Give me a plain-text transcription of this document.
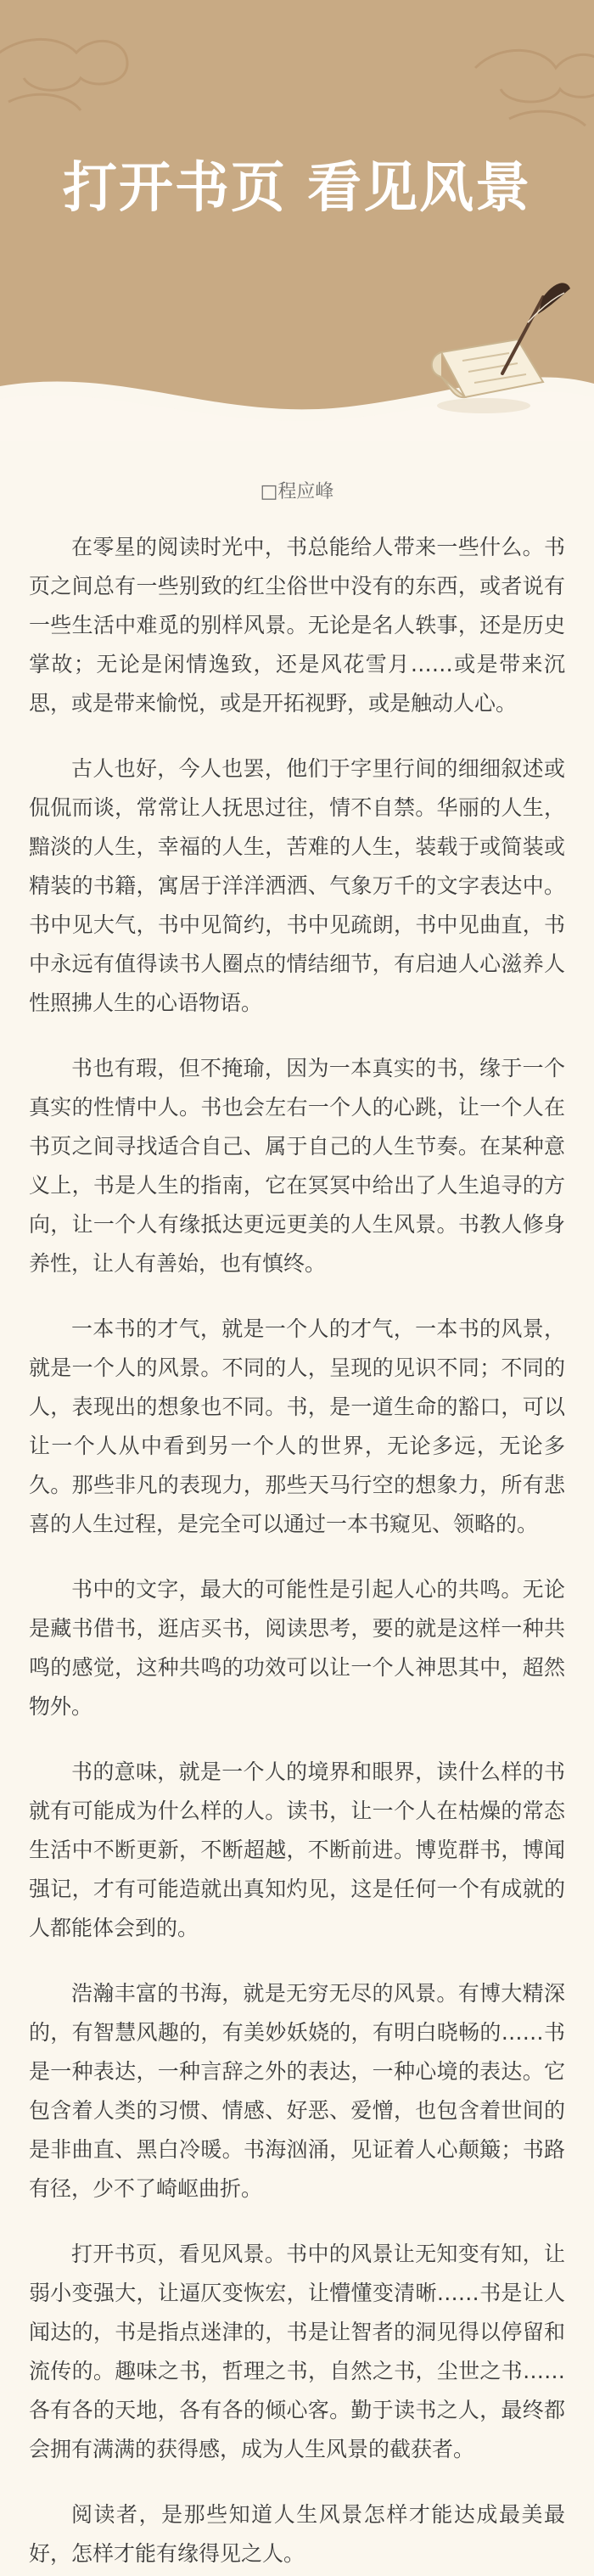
打开书页 看见风景
□程应峰

在零星的阅读时光中，书总能给人带来一些什么。书页之间总有一些别致的红尘俗世中没有的东西，或者说有一些生活中难觅的别样风景。无论是名人轶事，还是历史掌故；无论是闲情逸致，还是风花雪月……或是带来沉思，或是带来愉悦，或是开拓视野，或是触动人心。

古人也好，今人也罢，他们于字里行间的细细叙述或侃侃而谈，常常让人抚思过往，情不自禁。华丽的人生，黯淡的人生，幸福的人生，苦难的人生，装载于或简装或精装的书籍，寓居于洋洋洒洒、气象万千的文字表达中。书中见大气，书中见简约，书中见疏朗，书中见曲直，书中永远有值得读书人圈点的情结细节，有启迪人心滋养人性照拂人生的心语物语。

书也有瑕，但不掩瑜，因为一本真实的书，缘于一个真实的性情中人。书也会左右一个人的心跳，让一个人在书页之间寻找适合自己、属于自己的人生节奏。在某种意义上，书是人生的指南，它在冥冥中给出了人生追寻的方向，让一个人有缘抵达更远更美的人生风景。书教人修身养性，让人有善始，也有慎终。

一本书的才气，就是一个人的才气，一本书的风景，就是一个人的风景。不同的人，呈现的见识不同；不同的人，表现出的想象也不同。书，是一道生命的豁口，可以让一个人从中看到另一个人的世界，无论多远，无论多久。那些非凡的表现力，那些天马行空的想象力，所有悲喜的人生过程，是完全可以通过一本书窥见、领略的。

书中的文字，最大的可能性是引起人心的共鸣。无论是藏书借书，逛店买书，阅读思考，要的就是这样一种共鸣的感觉，这种共鸣的功效可以让一个人神思其中，超然物外。

书的意味，就是一个人的境界和眼界，读什么样的书就有可能成为什么样的人。读书，让一个人在枯燥的常态生活中不断更新，不断超越，不断前进。博览群书，博闻强记，才有可能造就出真知灼见，这是任何一个有成就的人都能体会到的。

浩瀚丰富的书海，就是无穷无尽的风景。有博大精深的，有智慧风趣的，有美妙妖娆的，有明白晓畅的……书是一种表达，一种言辞之外的表达，一种心境的表达。它包含着人类的习惯、情感、好恶、爱憎，也包含着世间的是非曲直、黑白冷暖。书海汹涌，见证着人心颠簸；书路有径，少不了崎岖曲折。

打开书页，看见风景。书中的风景让无知变有知，让弱小变强大，让逼仄变恢宏，让懵懂变清晰……书是让人闻达的，书是指点迷津的，书是让智者的洞见得以停留和流传的。趣味之书，哲理之书，自然之书，尘世之书……各有各的天地，各有各的倾心客。勤于读书之人，最终都会拥有满满的获得感，成为人生风景的截获者。

阅读者，是那些知道人生风景怎样才能达成最美最好，怎样才能有缘得见之人。
